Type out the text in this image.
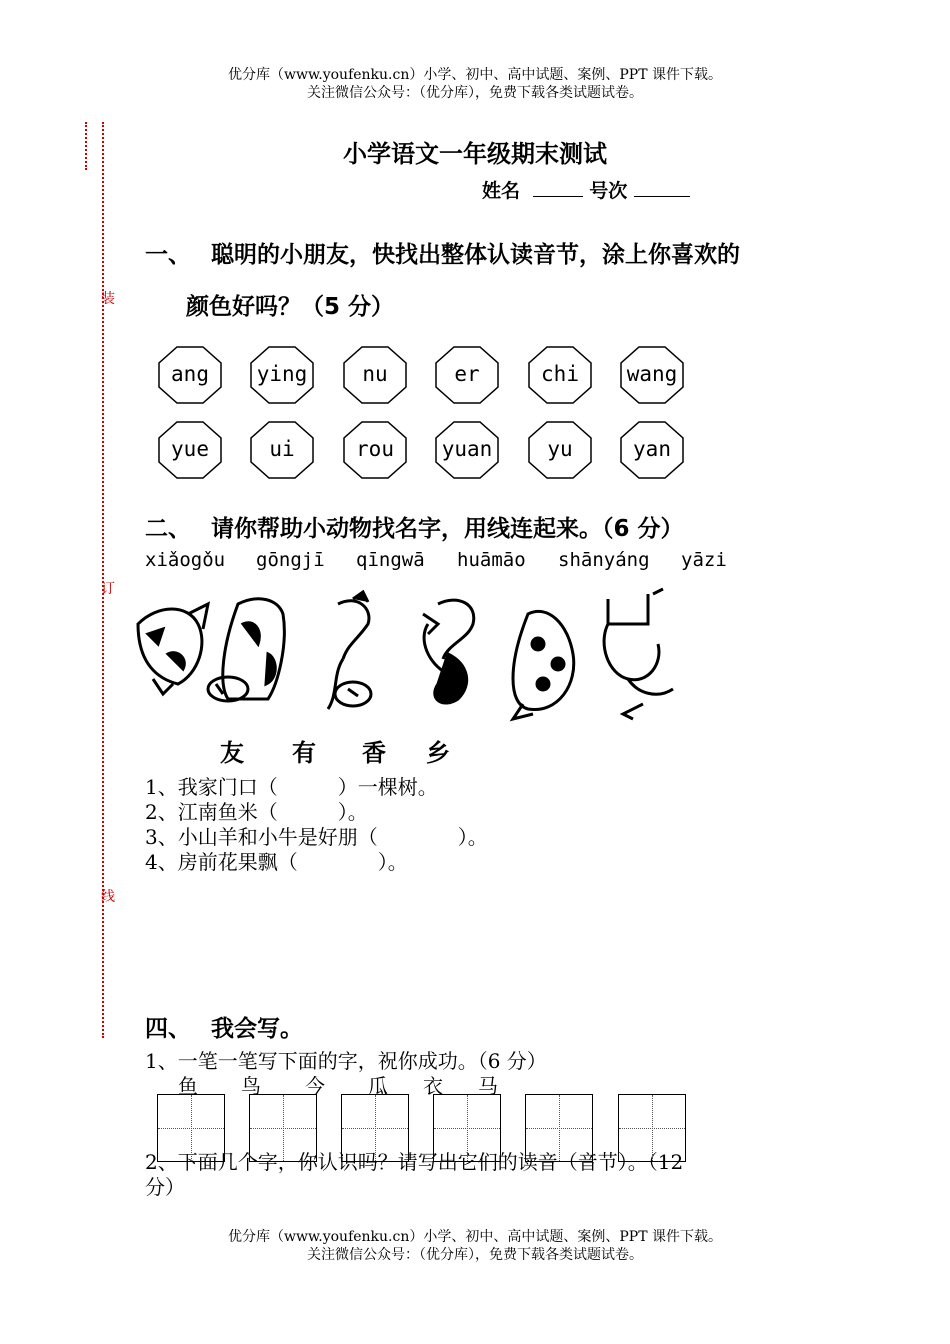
优分库（www.youfenku.cn）小学、初中、高中试题、案例、PPT 课件下载。
关注微信公众号：（优分库），免费下载各类试题试卷。
装
订
线
小学语文一年级期末测试
姓名	号次
一、 聪明的小朋友，快找出整体认读音节，涂上你喜欢的
颜色好吗？（5 分）
ang	ying	nu	er	chi	wang
yue	ui	rou	yuan	yu	yan
二、 请你帮助小动物找名字，用线连起来。（6 分）
xiǎogǒu gōngjī qīngwā huāmāo shānyáng yāzi
友 有 香 乡
1、我家门口（　　　）一棵树。
2、江南鱼米（　　　）。
3、小山羊和小牛是好朋（　　　　）。
4、房前花果飘（　　　　）。
四、 我会写。
1、一笔一笔写下面的字，祝你成功。（6 分）
鱼 鸟 今 瓜 衣 马
2、下面几个字，你认识吗？请写出它们的读音（音节）。（12
分）
优分库（www.youfenku.cn）小学、初中、高中试题、案例、PPT 课件下载。
关注微信公众号：（优分库），免费下载各类试题试卷。
